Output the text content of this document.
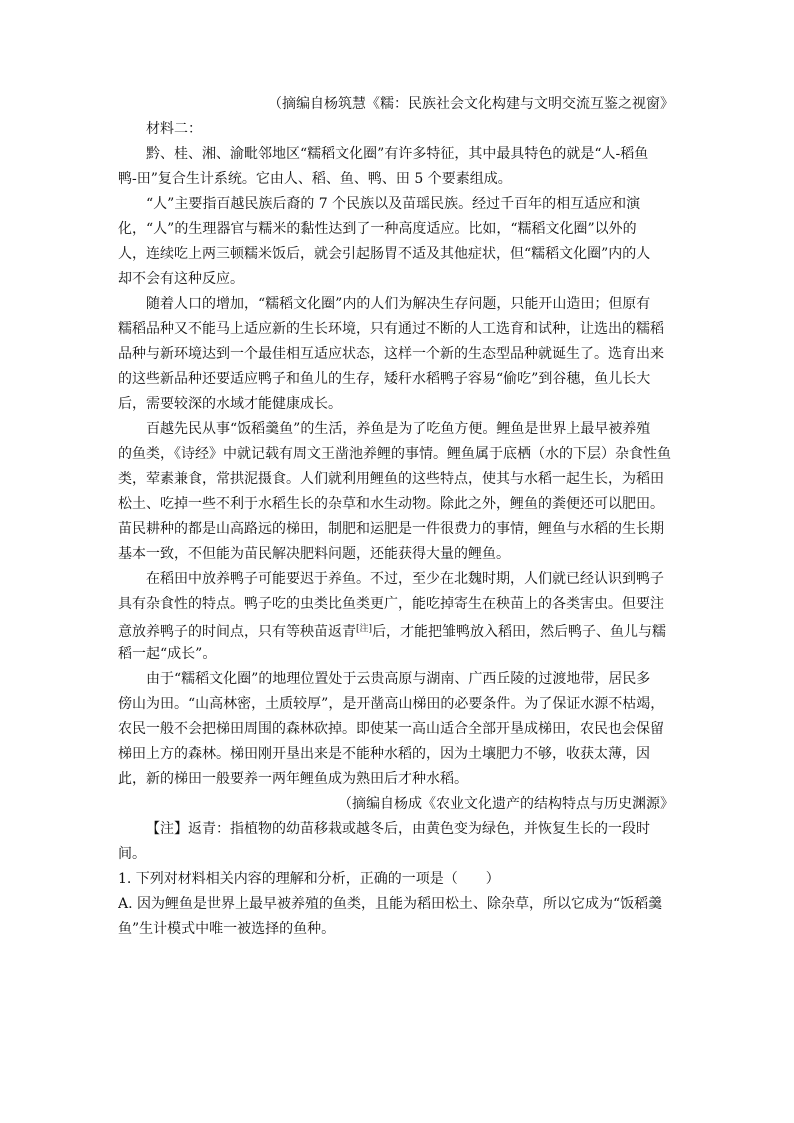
（摘编自杨筑慧《糯：民族社会文化构建与文明交流互鉴之视窗》
材料二：
黔、桂、湘、渝毗邻地区“糯稻文化圈”有许多特征，其中最具特色的就是“人-稻鱼
鸭-田”复合生计系统。它由人、稻、鱼、鸭、田 5 个要素组成。
“人”主要指百越民族后裔的 7 个民族以及苗瑶民族。经过千百年的相互适应和演
化，“人”的生理器官与糯米的黏性达到了一种高度适应。比如，“糯稻文化圈”以外的
人，连续吃上两三顿糯米饭后，就会引起肠胃不适及其他症状，但“糯稻文化圈”内的人
却不会有这种反应。
随着人口的增加，“糯稻文化圈”内的人们为解决生存问题，只能开山造田；但原有
糯稻品种又不能马上适应新的生长环境，只有通过不断的人工选育和试种，让选出的糯稻
品种与新环境达到一个最佳相互适应状态，这样一个新的生态型品种就诞生了。选育出来
的这些新品种还要适应鸭子和鱼儿的生存，矮秆水稻鸭子容易“偷吃”到谷穗，鱼儿长大
后，需要较深的水域才能健康成长。
百越先民从事“饭稻羹鱼”的生活，养鱼是为了吃鱼方便。鲤鱼是世界上最早被养殖
的鱼类，《诗经》中就记载有周文王凿池养鲤的事情。鲤鱼属于底栖（水的下层）杂食性鱼
类，荤素兼食，常拱泥摄食。人们就利用鲤鱼的这些特点，使其与水稻一起生长，为稻田
松土、吃掉一些不利于水稻生长的杂草和水生动物。除此之外，鲤鱼的粪便还可以肥田。
苗民耕种的都是山高路远的梯田，制肥和运肥是一件很费力的事情，鲤鱼与水稻的生长期
基本一致，不但能为苗民解决肥料问题，还能获得大量的鲤鱼。
在稻田中放养鸭子可能要迟于养鱼。不过，至少在北魏时期，人们就已经认识到鸭子
具有杂食性的特点。鸭子吃的虫类比鱼类更广，能吃掉寄生在秧苗上的各类害虫。但要注
意放养鸭子的时间点，只有等秧苗返青[注]后，才能把雏鸭放入稻田，然后鸭子、鱼儿与糯
稻一起“成长”。
由于“糯稻文化圈”的地理位置处于云贵高原与湖南、广西丘陵的过渡地带，居民多
傍山为田。“山高林密，土质较厚”，是开凿高山梯田的必要条件。为了保证水源不枯竭，
农民一般不会把梯田周围的森林砍掉。即使某一高山适合全部开垦成梯田，农民也会保留
梯田上方的森林。梯田刚开垦出来是不能种水稻的，因为土壤肥力不够，收获太薄，因
此，新的梯田一般要养一两年鲤鱼成为熟田后才种水稻。
（摘编自杨成《农业文化遗产的结构特点与历史渊源》
【注】返青：指植物的幼苗移栽或越冬后，由黄色变为绿色，并恢复生长的一段时
间。
1. 下列对材料相关内容的理解和分析，正确的一项是（　　）
A. 因为鲤鱼是世界上最早被养殖的鱼类，且能为稻田松土、除杂草，所以它成为“饭稻羹
鱼”生计模式中唯一被选择的鱼种。
